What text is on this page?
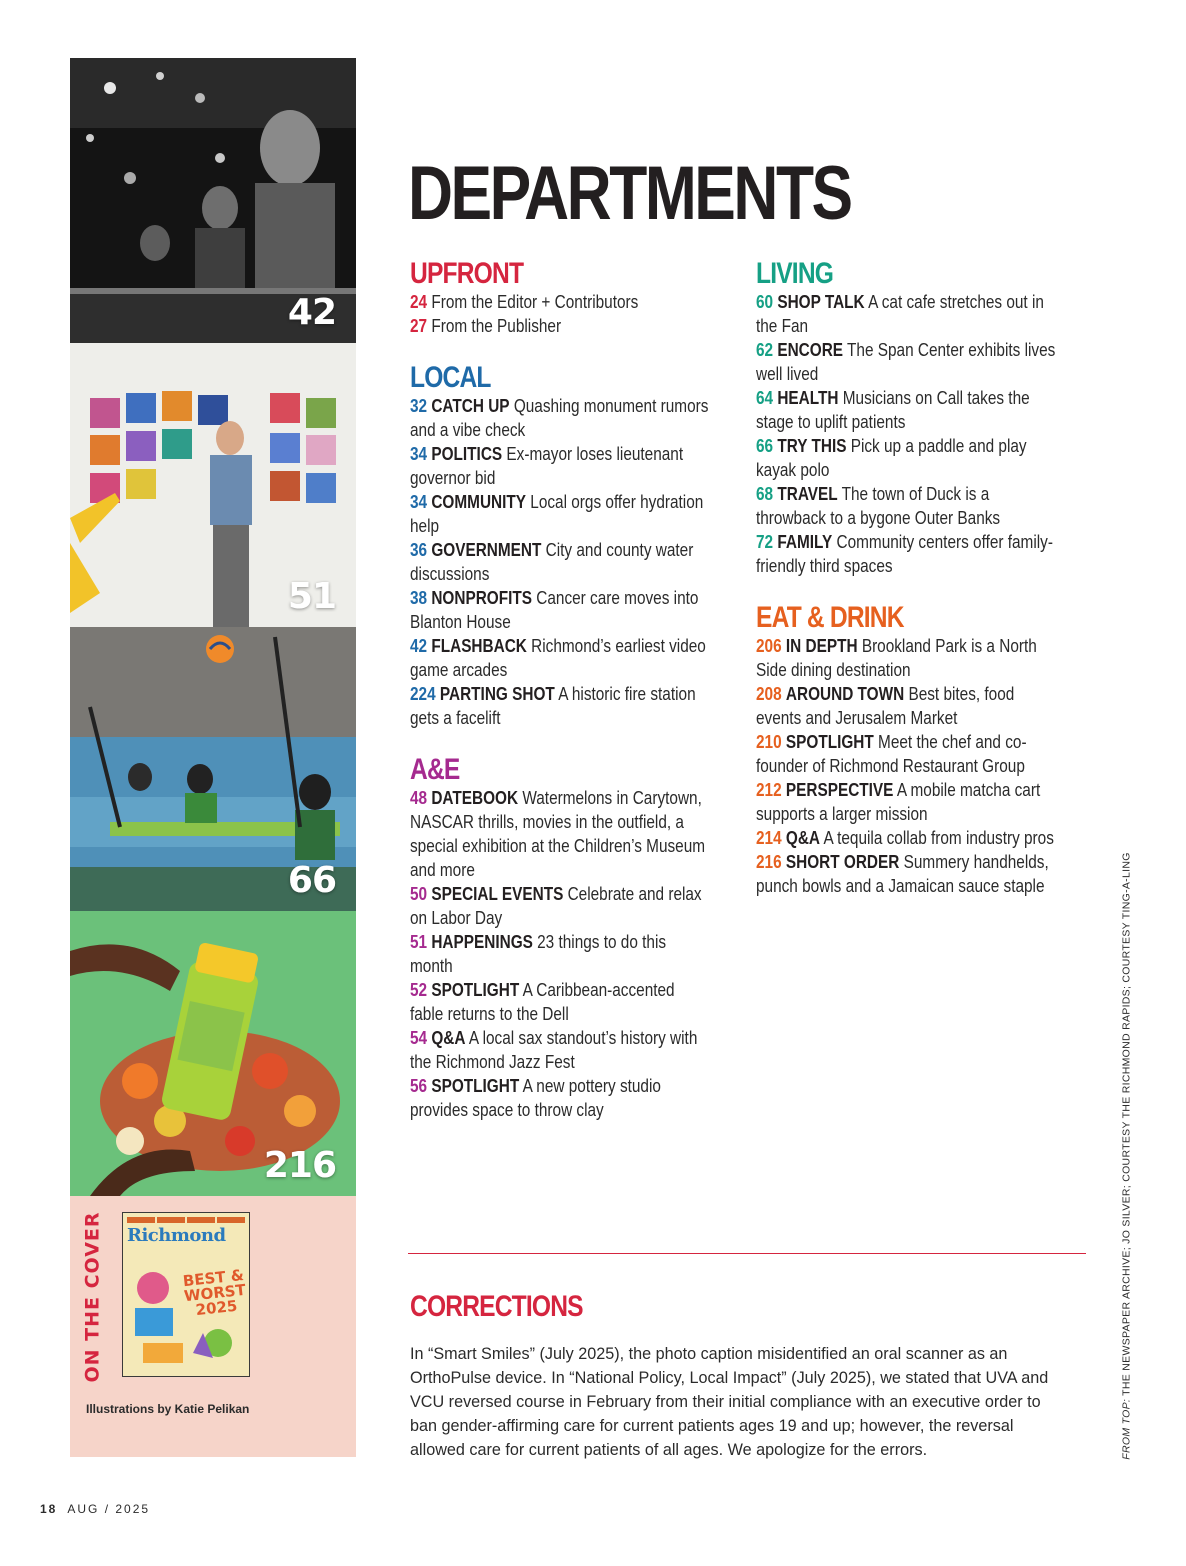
42
51
66
216
ON THE COVER Richmond
BEST & WORST 2025
Illustrations by Katie Pelikan
DEPARTMENTS
UPFRONT
24 From the Editor + Contributors
27 From the Publisher
LOCAL
32 CATCH UP Quashing monument rumors and a vibe check
34 POLITICS Ex-mayor loses lieutenant governor bid
34 COMMUNITY Local orgs offer hydration help
36 GOVERNMENT City and county water discussions
38 NONPROFITS Cancer care moves into Blanton House
42 FLASHBACK Richmond’s earliest video game arcades
224 PARTING SHOT A historic fire station gets a facelift
A&E
48 DATEBOOK Watermelons in Carytown, NASCAR thrills, movies in the outfield, a special exhibition at the Children’s Museum and more
50 SPECIAL EVENTS Celebrate and relax on Labor Day
51 HAPPENINGS 23 things to do this month
52 SPOTLIGHT A Caribbean-accented fable returns to the Dell
54 Q&A A local sax standout’s history with the Richmond Jazz Fest
56 SPOTLIGHT A new pottery studio provides space to throw clay
LIVING
60 SHOP TALK A cat cafe stretches out in the Fan
62 ENCORE The Span Center exhibits lives well lived
64 HEALTH Musicians on Call takes the stage to uplift patients
66 TRY THIS Pick up a paddle and play kayak polo
68 TRAVEL The town of Duck is a throwback to a bygone Outer Banks
72 FAMILY Community centers offer family-friendly third spaces
EAT & DRINK
206 IN DEPTH Brookland Park is a North Side dining destination
208 AROUND TOWN Best bites, food events and Jerusalem Market
210 SPOTLIGHT Meet the chef and co-founder of Richmond Restaurant Group
212 PERSPECTIVE A mobile matcha cart supports a larger mission
214 Q&A A tequila collab from industry pros
216 SHORT ORDER Summery handhelds, punch bowls and a Jamaican sauce staple
CORRECTIONS
In “Smart Smiles” (July 2025), the photo caption misidentified an oral scanner as an OrthoPulse device. In “National Policy, Local Impact” (July 2025), we stated that UVA and VCU reversed course in February from their initial compliance with an executive order to ban gender-affirming care for current patients ages 19 and up; however, the reversal allowed care for current patients of all ages. We apologize for the errors.	FROM TOP: THE NEWSPAPER ARCHIVE; JO SILVER; COURTESY THE RICHMOND RAPIDS; COURTESY TING-A-LING
18 AUG / 2025
